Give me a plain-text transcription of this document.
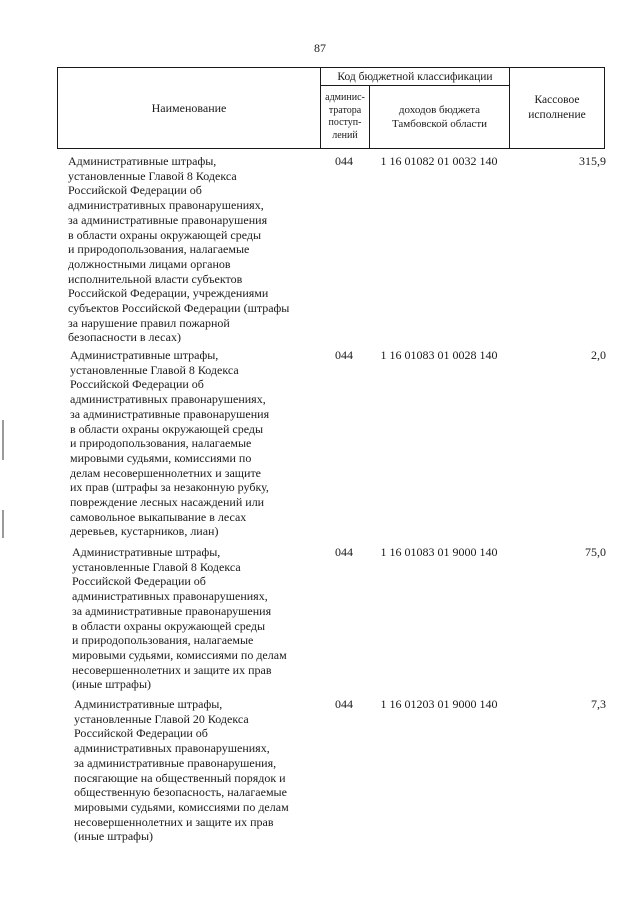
87
Наименование
Код бюджетной классификации
админис-
тратора
поступ-
лений
доходов бюджета
Тамбовской области
Кассовое
исполнение
Административные штрафы,
установленные Главой 8 Кодекса
Российской Федерации об
административных правонарушениях,
за административные правонарушения
в области охраны окружающей среды
и природопользования, налагаемые
должностными лицами органов
исполнительной власти субъектов
Российской Федерации, учреждениями
субъектов Российской Федерации (штрафы
за нарушение правил пожарной
безопасности в лесах)
044	1 16 01082 01 0032 140	315,9
Административные штрафы,
установленные Главой 8 Кодекса
Российской Федерации об
административных правонарушениях,
за административные правонарушения
в области охраны окружающей среды
и природопользования, налагаемые
мировыми судьями, комиссиями по
делам несовершеннолетних и защите
их прав (штрафы за незаконную рубку,
повреждение лесных насаждений или
самовольное выкапывание в лесах
деревьев, кустарников, лиан)
044	1 16 01083 01 0028 140	2,0
Административные штрафы,
установленные Главой 8 Кодекса
Российской Федерации об
административных правонарушениях,
за административные правонарушения
в области охраны окружающей среды
и природопользования, налагаемые
мировыми судьями, комиссиями по делам
несовершеннолетних и защите их прав
(иные штрафы)
044	1 16 01083 01 9000 140	75,0
Административные штрафы,
установленные Главой 20 Кодекса
Российской Федерации об
административных правонарушениях,
за административные правонарушения,
посягающие на общественный порядок и
общественную безопасность, налагаемые
мировыми судьями, комиссиями по делам
несовершеннолетних и защите их прав
(иные штрафы)
044	1 16 01203 01 9000 140	7,3
